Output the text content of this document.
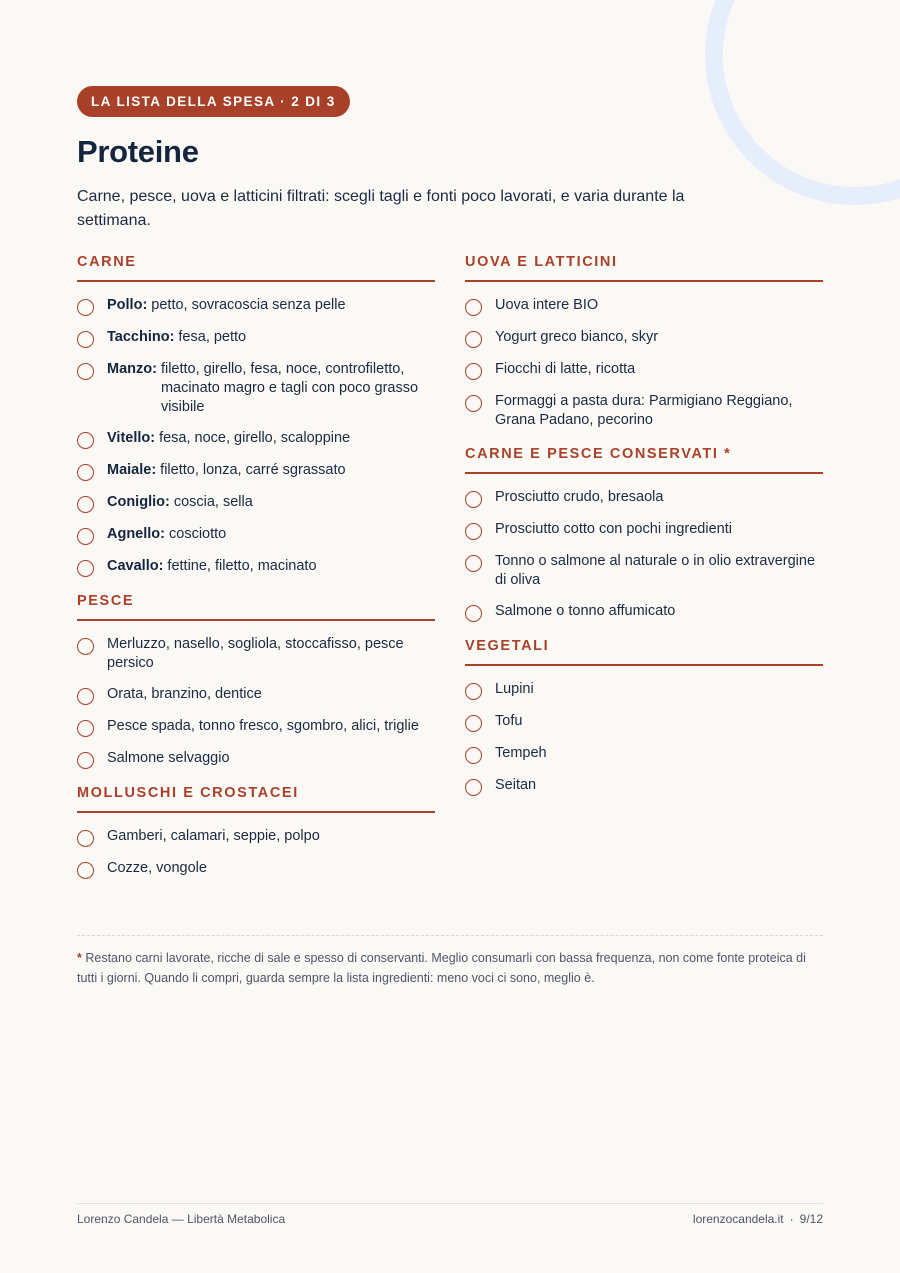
LA LISTA DELLA SPESA · 2 DI 3
Proteine

Carne, pesce, uova e latticini filtrati: scegli tagli e fonti poco lavorati, e varia durante la settimana.

CARNE
Pollo: petto, sovracoscia senza pelle
Tacchino: fesa, petto
Manzo: filetto, girello, fesa, noce, controfiletto, macinato magro e tagli con poco grasso visibile
Vitello: fesa, noce, girello, scaloppine
Maiale: filetto, lonza, carré sgrassato
Coniglio: coscia, sella
Agnello: cosciotto
Cavallo: fettine, filetto, macinato
PESCE
Merluzzo, nasello, sogliola, stoccafisso, pesce persico
Orata, branzino, dentice
Pesce spada, tonno fresco, sgombro, alici, triglie
Salmone selvaggio
MOLLUSCHI E CROSTACEI
Gamberi, calamari, seppie, polpo
Cozze, vongole
UOVA E LATTICINI
Uova intere BIO
Yogurt greco bianco, skyr
Fiocchi di latte, ricotta
Formaggi a pasta dura: Parmigiano Reggiano, Grana Padano, pecorino
CARNE E PESCE CONSERVATI *
Prosciutto crudo, bresaola
Prosciutto cotto con pochi ingredienti
Tonno o salmone al naturale o in olio extravergine di oliva
Salmone o tonno affumicato
VEGETALI
Lupini
Tofu
Tempeh
Seitan

* Restano carni lavorate, ricche di sale e spesso di conservanti. Meglio consumarli con bassa frequenza, non come fonte proteica di tutti i giorni. Quando li compri, guarda sempre la lista ingredienti: meno voci ci sono, meglio è.

Lorenzo Candela — Libertà Metabolica	lorenzocandela.it · 9/12
